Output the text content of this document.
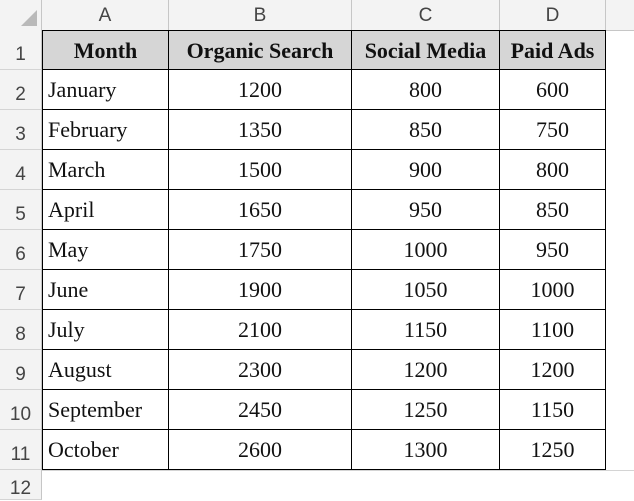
A	B	C	D
1
2
3
4
5
6
7
8
9
10
11
12
Month	Organic Search	Social Media	Paid Ads
January	1200	800	600
February	1350	850	750
March	1500	900	800
April	1650	950	850
May	1750	1000	950
June	1900	1050	1000
July	2100	1150	1100
August	2300	1200	1200
September	2450	1250	1150
October	2600	1300	1250
